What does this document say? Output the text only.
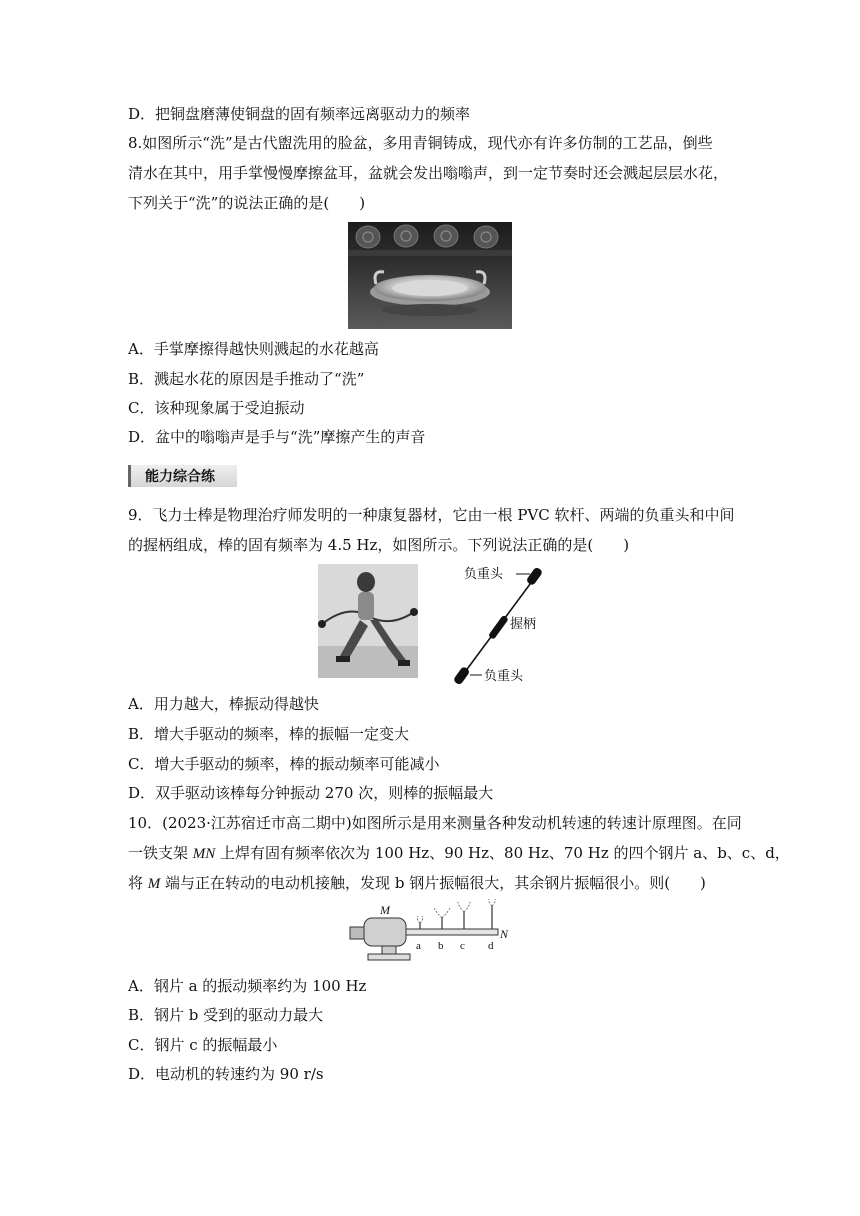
D．把铜盘磨薄使铜盘的固有频率远离驱动力的频率
8.如图所示“洗”是古代盥洗用的脸盆，多用青铜铸成，现代亦有许多仿制的工艺品，倒些
清水在其中，用手掌慢慢摩擦盆耳，盆就会发出嗡嗡声，到一定节奏时还会溅起层层水花，
下列关于“洗”的说法正确的是(　　)
A．手掌摩擦得越快则溅起的水花越高
B．溅起水花的原因是手推动了“洗”
C．该种现象属于受迫振动
D．盆中的嗡嗡声是手与“洗”摩擦产生的声音
能力综合练
9．飞力士棒是物理治疗师发明的一种康复器材，它由一根 PVC 软杆、两端的负重头和中间
的握柄组成，棒的固有频率为 4.5 Hz，如图所示。下列说法正确的是(　　)
负重头
握柄
负重头
A．用力越大，棒振动得越快
B．增大手驱动的频率，棒的振幅一定变大
C．增大手驱动的频率，棒的振动频率可能减小
D．双手驱动该棒每分钟振动 270 次，则棒的振幅最大
10．(2023·江苏宿迁市高二期中)如图所示是用来测量各种发动机转速的转速计原理图。在同
一铁支架 MN 上焊有固有频率依次为 100 Hz、90 Hz、80 Hz、70 Hz 的四个钢片 a、b、c、d，
将 M 端与正在转动的电动机接触，发现 b 钢片振幅很大，其余钢片振幅很小。则(　　)
M
N
a b c d
A．钢片 a 的振动频率约为 100 Hz
B．钢片 b 受到的驱动力最大
C．钢片 c 的振幅最小
D．电动机的转速约为 90 r/s
